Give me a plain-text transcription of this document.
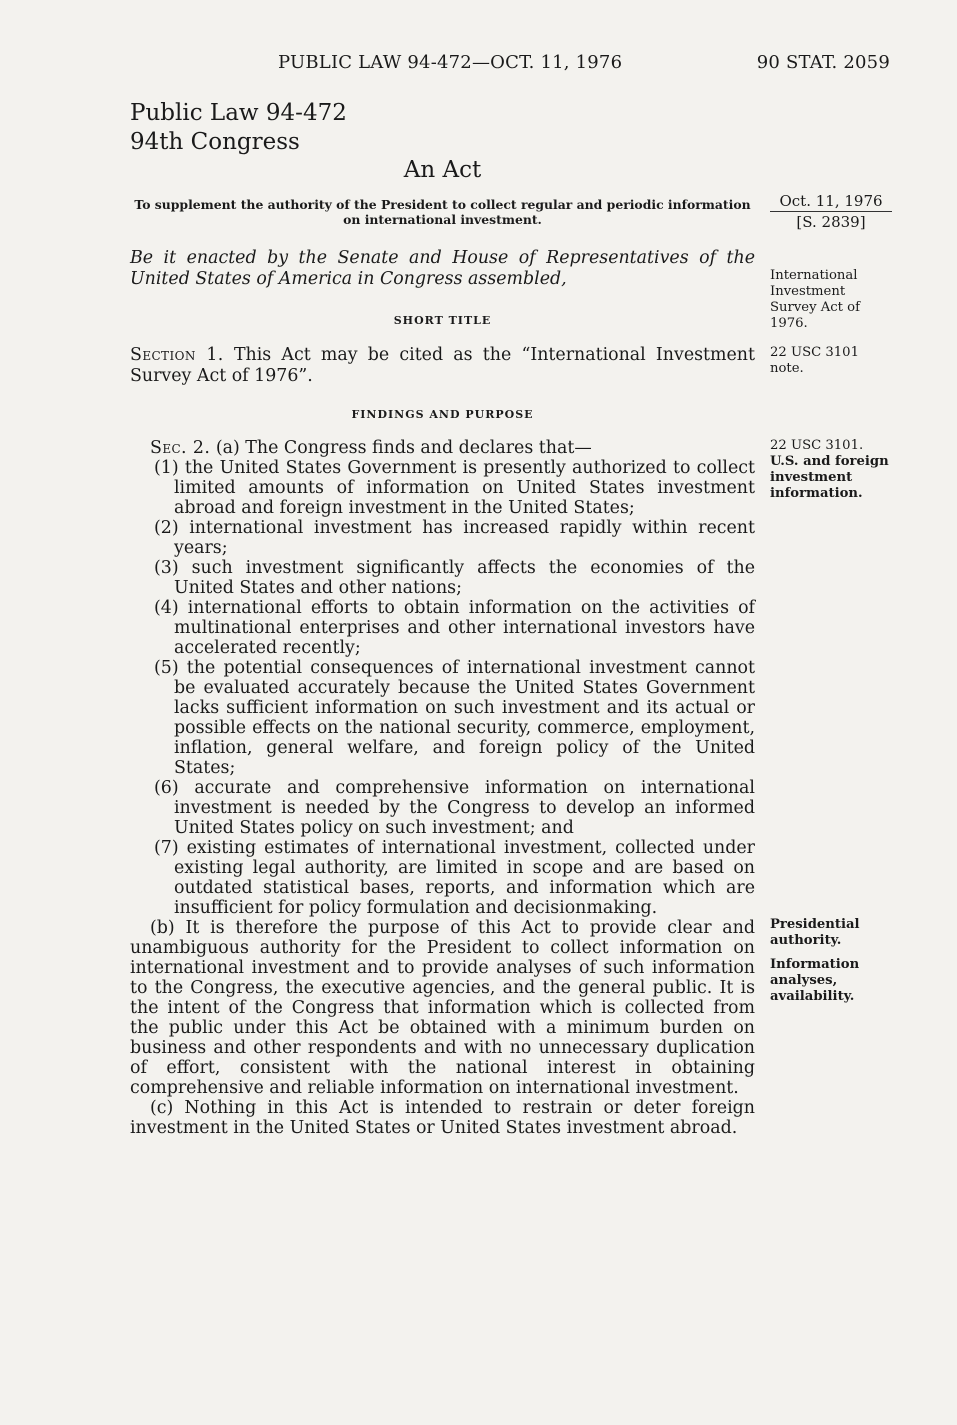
PUBLIC LAW 94-472—OCT. 11, 1976	90 STAT. 2059
Public Law 94-472
94th Congress
An Act
To supplement the authority of the President to collect regular and periodic information on international investment.
Oct. 11, 1976
[S. 2839]
Be it enacted by the Senate and House of Representatives of the United States of America in Congress assembled,	International Investment Survey Act of 1976.
SHORT TITLE
Section 1. This Act may be cited as the “International Investment Survey Act of 1976”.
22 USC 3101 note.
FINDINGS AND PURPOSE

Sec. 2. (a) The Congress finds and declares that—

(1) the United States Government is presently authorized to collect limited amounts of information on United States investment abroad and foreign investment in the United States;

(2) international investment has increased rapidly within recent years;

(3) such investment significantly affects the economies of the United States and other nations;

(4) international efforts to obtain information on the activities of multinational enterprises and other international investors have accelerated recently;

(5) the potential consequences of international investment cannot be evaluated accurately because the United States Government lacks sufficient information on such investment and its actual or possible effects on the national security, commerce, employment, inflation, general welfare, and foreign policy of the United States;

(6) accurate and comprehensive information on international investment is needed by the Congress to develop an informed United States policy on such investment; and

(7) existing estimates of international investment, collected under existing legal authority, are limited in scope and are based on outdated statistical bases, reports, and information which are insufficient for policy formulation and decisionmaking.

(b) It is therefore the purpose of this Act to provide clear and unambiguous authority for the President to collect information on international investment and to provide analyses of such information to the Congress, the executive agencies, and the general public. It is the intent of the Congress that information which is collected from the public under this Act be obtained with a minimum burden on business and other respondents and with no unnecessary duplication of effort, consistent with the national interest in obtaining comprehensive and reliable information on international investment.

(c) Nothing in this Act is intended to restrain or deter foreign investment in the United States or United States investment abroad.

22 USC 3101.
U.S. and foreign investment information.
Presidential authority.
Information analyses, availability.
